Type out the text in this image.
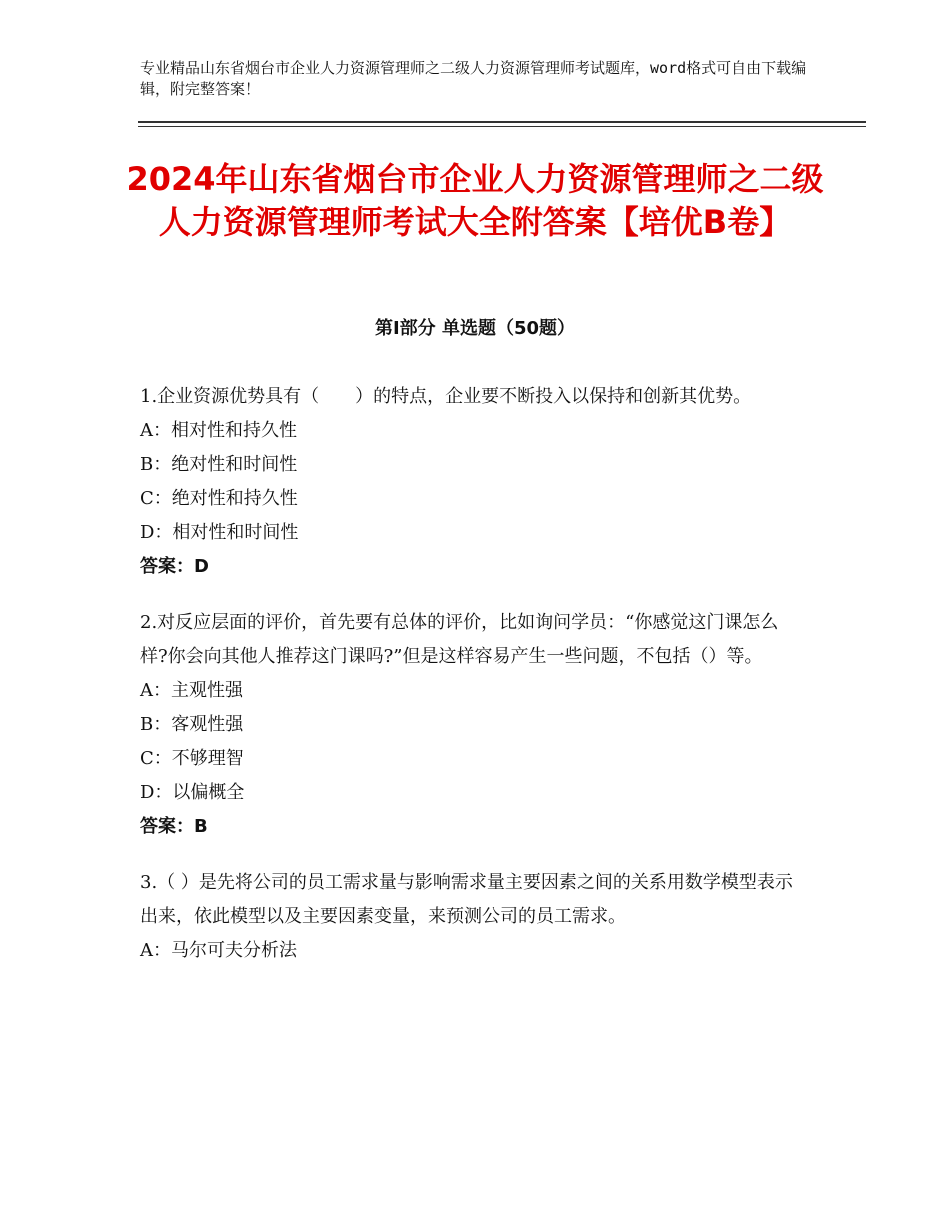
专业精品山东省烟台市企业人力资源管理师之二级人力资源管理师考试题库，word格式可自由下载编辑，附完整答案！
2024年山东省烟台市企业人力资源管理师之二级人力资源管理师考试大全附答案【培优B卷】
第Ⅰ部分 单选题（50题）

1.企业资源优势具有（　　）的特点，企业要不断投入以保持和创新其优势。

A：相对性和持久性

B：绝对性和时间性

C：绝对性和持久性

D：相对性和时间性

答案：D

2.对反应层面的评价，首先要有总体的评价，比如询问学员：“你感觉这门课怎么样?你会向其他人推荐这门课吗?”但是这样容易产生一些问题，不包括（）等。

A：主观性强

B：客观性强

C：不够理智

D：以偏概全

答案：B

3.（ ）是先将公司的员工需求量与影响需求量主要因素之间的关系用数学模型表示出来，依此模型以及主要因素变量，来预测公司的员工需求。

A：马尔可夫分析法
